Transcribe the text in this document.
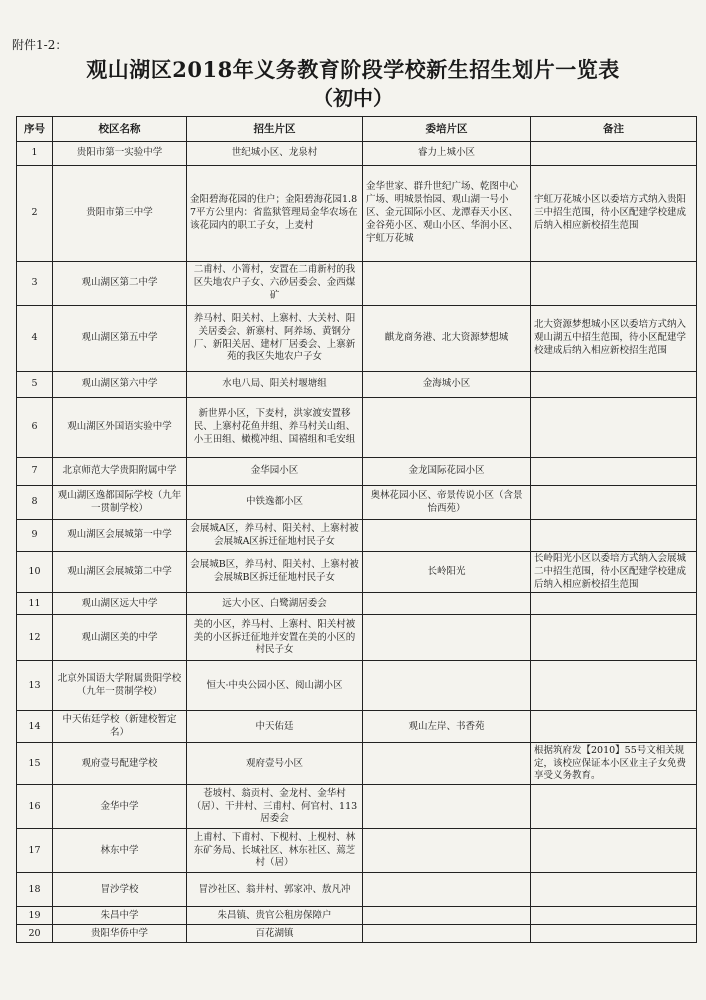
附件1-2：
观山湖区2018年义务教育阶段学校新生招生划片一览表
（初中）
序号	校区名称	招生片区	委培片区	备注
1	贵阳市第一实验中学	世纪城小区、龙泉村	睿力上城小区	
2	贵阳市第三中学	金阳碧海花园的住户；金阳碧海花园1.87平方公里内：省监狱管理局金华农场在该花园内的职工子女，上麦村	金华世家、群升世纪广场、乾图中心广场、明城景怡园、观山湖一号小区、金元国际小区、龙潭春天小区、金谷苑小区、观山小区、华润小区、宇虹万花城	宇虹万花城小区以委培方式纳入贵阳三中招生范围，待小区配建学校建成后纳入相应新校招生范围
3	观山湖区第二中学	二甫村、小箐村，安置在二甫新村的我区失地农户子女、六砂居委会、金西煤矿		
4	观山湖区第五中学	养马村、阳关村、上寨村、大关村、阳关居委会、新寨村、阿养场、黄钢分厂、新阳关居、建材厂居委会、上寨新苑的我区失地农户子女	麒龙商务港、北大资源梦想城	北大资源梦想城小区以委培方式纳入观山湖五中招生范围，待小区配建学校建成后纳入相应新校招生范围
5	观山湖区第六中学	水电八局、阳关村堰塘组	金海城小区	
6	观山湖区外国语实验中学	新世界小区，下麦村，洪家渡安置移民、上寨村花鱼井组、养马村关山组、小王田组、橄榄冲组、国禧组和毛安组		
7	北京师范大学贵阳附属中学	金华园小区	金龙国际花园小区	
8	观山湖区逸都国际学校（九年一贯制学校）	中铁逸都小区	奥林花园小区、帝景传说小区（含景怡西苑）	
9	观山湖区会展城第一中学	会展城A区，养马村、阳关村、上寨村被会展城A区拆迁征地村民子女		
10	观山湖区会展城第二中学	会展城B区，养马村、阳关村、上寨村被会展城B区拆迁征地村民子女	长岭阳光	长岭阳光小区以委培方式纳入会展城二中招生范围，待小区配建学校建成后纳入相应新校招生范围
11	观山湖区远大中学	远大小区、白鹭湖居委会		
12	观山湖区美的中学	美的小区，养马村、上寨村、阳关村被美的小区拆迁征地并安置在美的小区的村民子女		
13	北京外国语大学附属贵阳学校（九年一贯制学校）	恒大·中央公园小区、阅山湖小区		
14	中天佑廷学校（新建校暂定名）	中天佑廷	观山左岸、书香苑	
15	观府壹号配建学校	观府壹号小区		根据筑府发【2010】55号文相关规定，该校应保证本小区业主子女免费享受义务教育。
16	金华中学	苍坡村、翁贡村、金龙村、金华村（居）、干井村、三甫村、何官村、113居委会		
17	林东中学	上甫村、下甫村、下枧村、上枧村、林东矿务局、长城社区、林东社区、蔫芝村（居）		
18	冒沙学校	冒沙社区、翁井村、郭家冲、敖凡冲		
19	朱昌中学	朱昌镇、贵官公租房保障户		
20	贵阳华侨中学	百花湖镇		
